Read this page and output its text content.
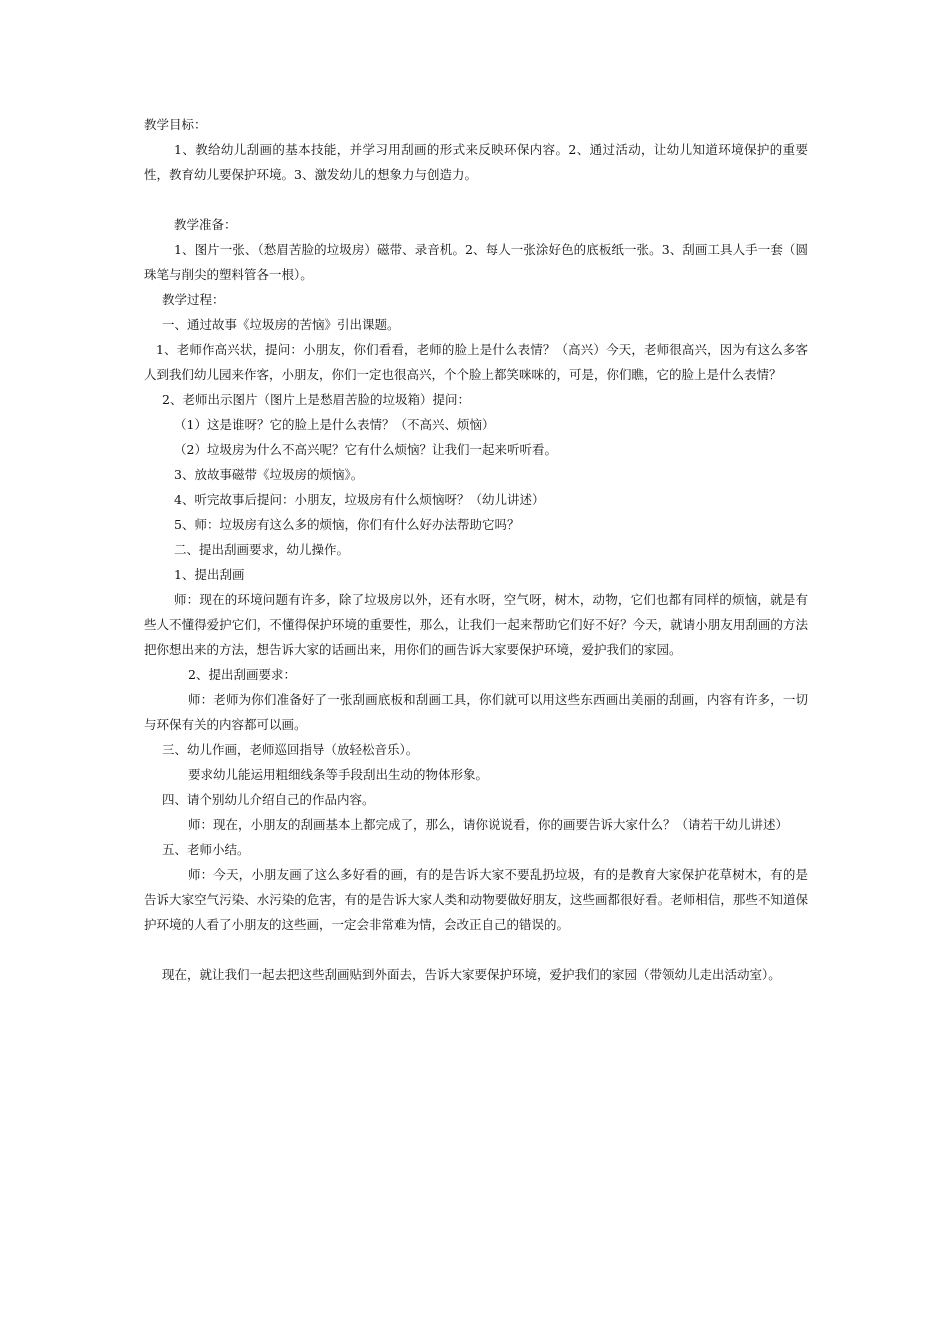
教学目标：

1、教给幼儿刮画的基本技能，并学习用刮画的形式来反映环保内容。2、通过活动，让幼儿知道环境保护的重要性，教育幼儿要保护环境。3、激发幼儿的想象力与创造力。

教学准备：

1、图片一张、（愁眉苦脸的垃圾房）磁带、录音机。2、每人一张涂好色的底板纸一张。3、刮画工具人手一套（圆珠笔与削尖的塑料管各一根）。

教学过程：

一、通过故事《垃圾房的苦恼》引出课题。

1、老师作高兴状，提问：小朋友，你们看看，老师的脸上是什么表情？（高兴）今天，老师很高兴，因为有这么多客人到我们幼儿园来作客，小朋友，你们一定也很高兴，个个脸上都笑咪咪的，可是，你们瞧，它的脸上是什么表情？

2、老师出示图片（图片上是愁眉苦脸的垃圾箱）提问：

（1）这是谁呀？它的脸上是什么表情？（不高兴、烦恼）

（2）垃圾房为什么不高兴呢？它有什么烦恼？让我们一起来听听看。

3、放故事磁带《垃圾房的烦恼》。

4、听完故事后提问：小朋友，垃圾房有什么烦恼呀？（幼儿讲述）

5、师：垃圾房有这么多的烦恼，你们有什么好办法帮助它吗？

二、提出刮画要求，幼儿操作。

1、提出刮画

师：现在的环境问题有许多，除了垃圾房以外，还有水呀，空气呀，树木，动物，它们也都有同样的烦恼，就是有些人不懂得爱护它们，不懂得保护环境的重要性，那么，让我们一起来帮助它们好不好？今天，就请小朋友用刮画的方法把你想出来的方法，想告诉大家的话画出来，用你们的画告诉大家要保护环境，爱护我们的家园。

2、提出刮画要求：

师：老师为你们准备好了一张刮画底板和刮画工具，你们就可以用这些东西画出美丽的刮画，内容有许多，一切与环保有关的内容都可以画。

三、幼儿作画，老师巡回指导（放轻松音乐）。

要求幼儿能运用粗细线条等手段刮出生动的物体形象。

四、请个别幼儿介绍自己的作品内容。

师：现在，小朋友的刮画基本上都完成了，那么，请你说说看，你的画要告诉大家什么？（请若干幼儿讲述）

五、老师小结。

师：今天，小朋友画了这么多好看的画，有的是告诉大家不要乱扔垃圾，有的是教育大家保护花草树木，有的是告诉大家空气污染、水污染的危害，有的是告诉大家人类和动物要做好朋友，这些画都很好看。老师相信，那些不知道保护环境的人看了小朋友的这些画，一定会非常难为情，会改正自己的错误的。

现在，就让我们一起去把这些刮画贴到外面去，告诉大家要保护环境，爱护我们的家园（带领幼儿走出活动室）。
